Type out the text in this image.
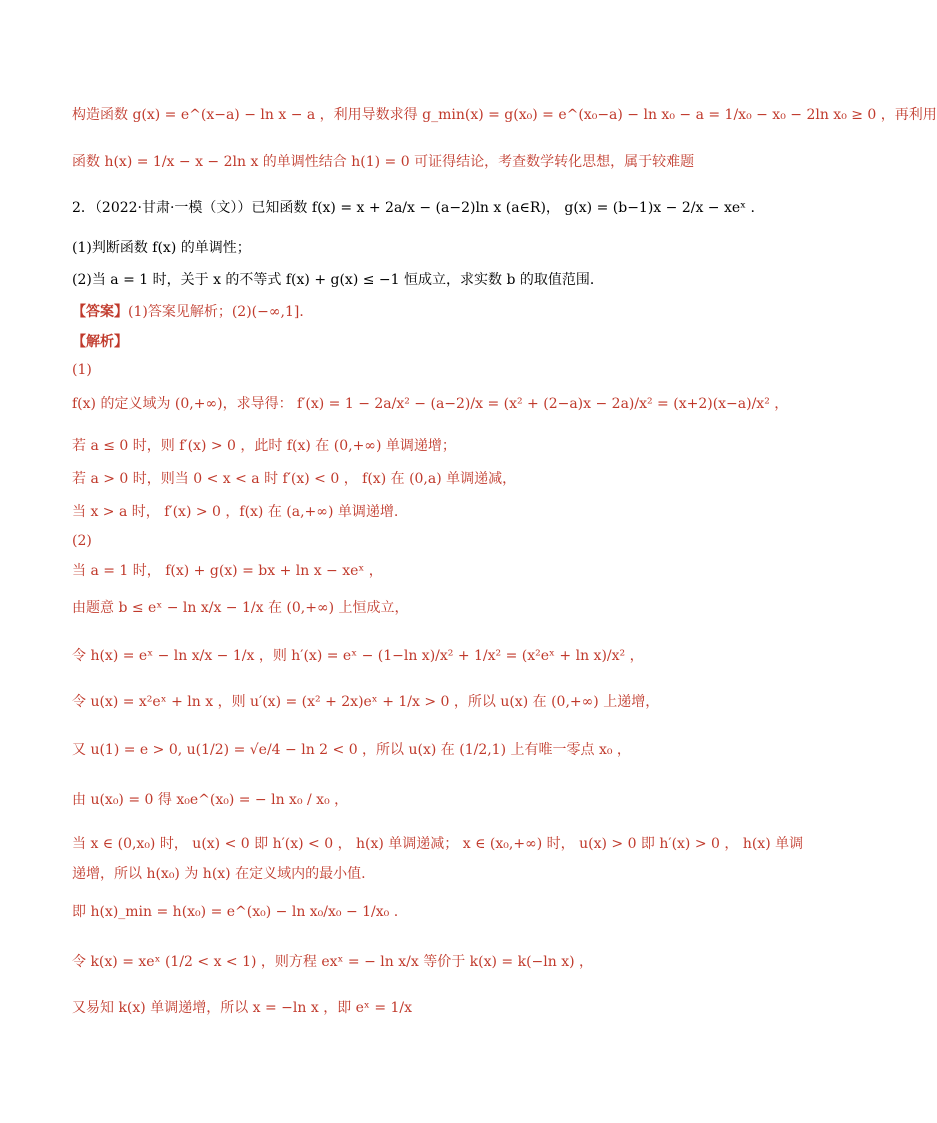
构造函数 g(x) = e^(x−a) − ln x − a ，利用导数求得 g_min(x) = g(x₀) = e^(x₀−a) − ln x₀ − a = 1/x₀ − x₀ − 2ln x₀ ≥ 0 ，再利用
函数 h(x) = 1/x − x − 2ln x 的单调性结合 h(1) = 0 可证得结论，考查数学转化思想，属于较难题
2．（2022·甘肃·一模（文））已知函数 f(x) = x + 2a/x − (a−2)ln x (a∈R)， g(x) = (b−1)x − 2/x − xeˣ .
(1)判断函数 f(x) 的单调性；
(2)当 a = 1 时，关于 x 的不等式 f(x) + g(x) ≤ −1 恒成立，求实数 b 的取值范围．
【答案】(1)答案见解析；(2)(−∞,1]．
【解析】
(1)
f(x) 的定义域为 (0,+∞)，求导得： f′(x) = 1 − 2a/x² − (a−2)/x = (x² + (2−a)x − 2a)/x² = (x+2)(x−a)/x² ，
若 a ≤ 0 时，则 f′(x) > 0 ，此时 f(x) 在 (0,+∞) 单调递增；
若 a > 0 时，则当 0 < x < a 时 f′(x) < 0 ， f(x) 在 (0,a) 单调递减，
当 x > a 时， f′(x) > 0 ，f(x) 在 (a,+∞) 单调递增.
(2)
当 a = 1 时， f(x) + g(x) = bx + ln x − xeˣ ，
由题意 b ≤ eˣ − ln x/x − 1/x 在 (0,+∞) 上恒成立，
令 h(x) = eˣ − ln x/x − 1/x ，则 h′(x) = eˣ − (1−ln x)/x² + 1/x² = (x²eˣ + ln x)/x² ，
令 u(x) = x²eˣ + ln x ，则 u′(x) = (x² + 2x)eˣ + 1/x > 0 ，所以 u(x) 在 (0,+∞) 上递增，
又 u(1) = e > 0, u(1/2) = √e/4 − ln 2 < 0 ，所以 u(x) 在 (1/2,1) 上有唯一零点 x₀ ，
由 u(x₀) = 0 得 x₀e^(x₀) = − ln x₀ / x₀ ，
当 x ∈ (0,x₀) 时， u(x) < 0 即 h′(x) < 0 ， h(x) 单调递减； x ∈ (x₀,+∞) 时， u(x) > 0 即 h′(x) > 0 ， h(x) 单调
递增，所以 h(x₀) 为 h(x) 在定义域内的最小值.
即 h(x)_min = h(x₀) = e^(x₀) − ln x₀/x₀ − 1/x₀ .
令 k(x) = xeˣ (1/2 < x < 1) ，则方程 exˣ = − ln x/x 等价于 k(x) = k(−ln x) ，
又易知 k(x) 单调递增，所以 x = −ln x ，即 eˣ = 1/x
